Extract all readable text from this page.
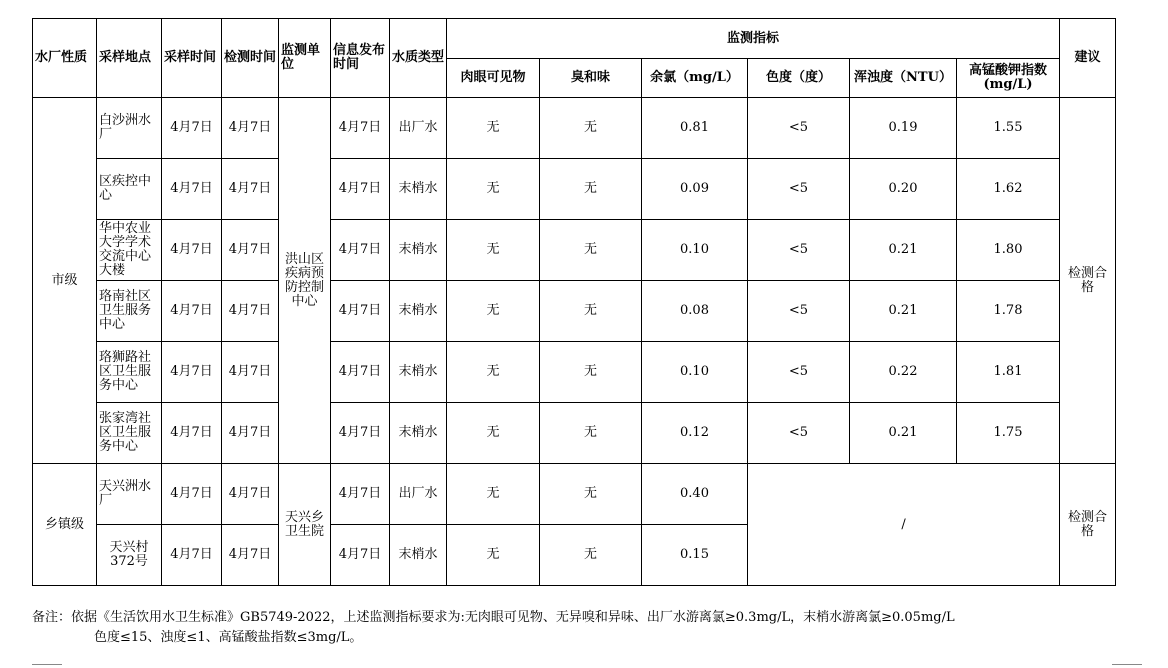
水厂性质	采样地点	采样时间	检测时间	监测单位	信息发布时间	水质类型	监测指标						建议
							肉眼可见物	臭和味	余氯（mg/L）	色度（度）	浑浊度（NTU）	高锰酸钾指数
(mg/L)	
市级	白沙洲水厂	4月7日	4月7日	洪山区疾病预防控制中心	4月7日	出厂水	无	无	0.81	<5	0.19	1.55	检测合格
	区疾控中心	4月7日	4月7日		4月7日	末梢水	无	无	0.09	<5	0.20	1.62	
	华中农业大学学术交流中心大楼	4月7日	4月7日		4月7日	末梢水	无	无	0.10	<5	0.21	1.80	
	珞南社区卫生服务中心	4月7日	4月7日		4月7日	末梢水	无	无	0.08	<5	0.21	1.78	
	珞狮路社区卫生服务中心	4月7日	4月7日		4月7日	末梢水	无	无	0.10	<5	0.22	1.81	
	张家湾社区卫生服务中心	4月7日	4月7日		4月7日	末梢水	无	无	0.12	<5	0.21	1.75	
乡镇级	天兴洲水厂	4月7日	4月7日	天兴乡卫生院	4月7日	出厂水	无	无	0.40	/			检测合格
	天兴村
372号	4月7日	4月7日		4月7日	末梢水	无	无	0.15				
备注：依据《生活饮用水卫生标准》GB5749-2022，上述监测指标要求为:无肉眼可见物、无异嗅和异味、出厂水游离氯≥0.3mg/L，末梢水游离氯≥0.05mg/L
色度≤15、浊度≤1、高锰酸盐指数≤3mg/L。
